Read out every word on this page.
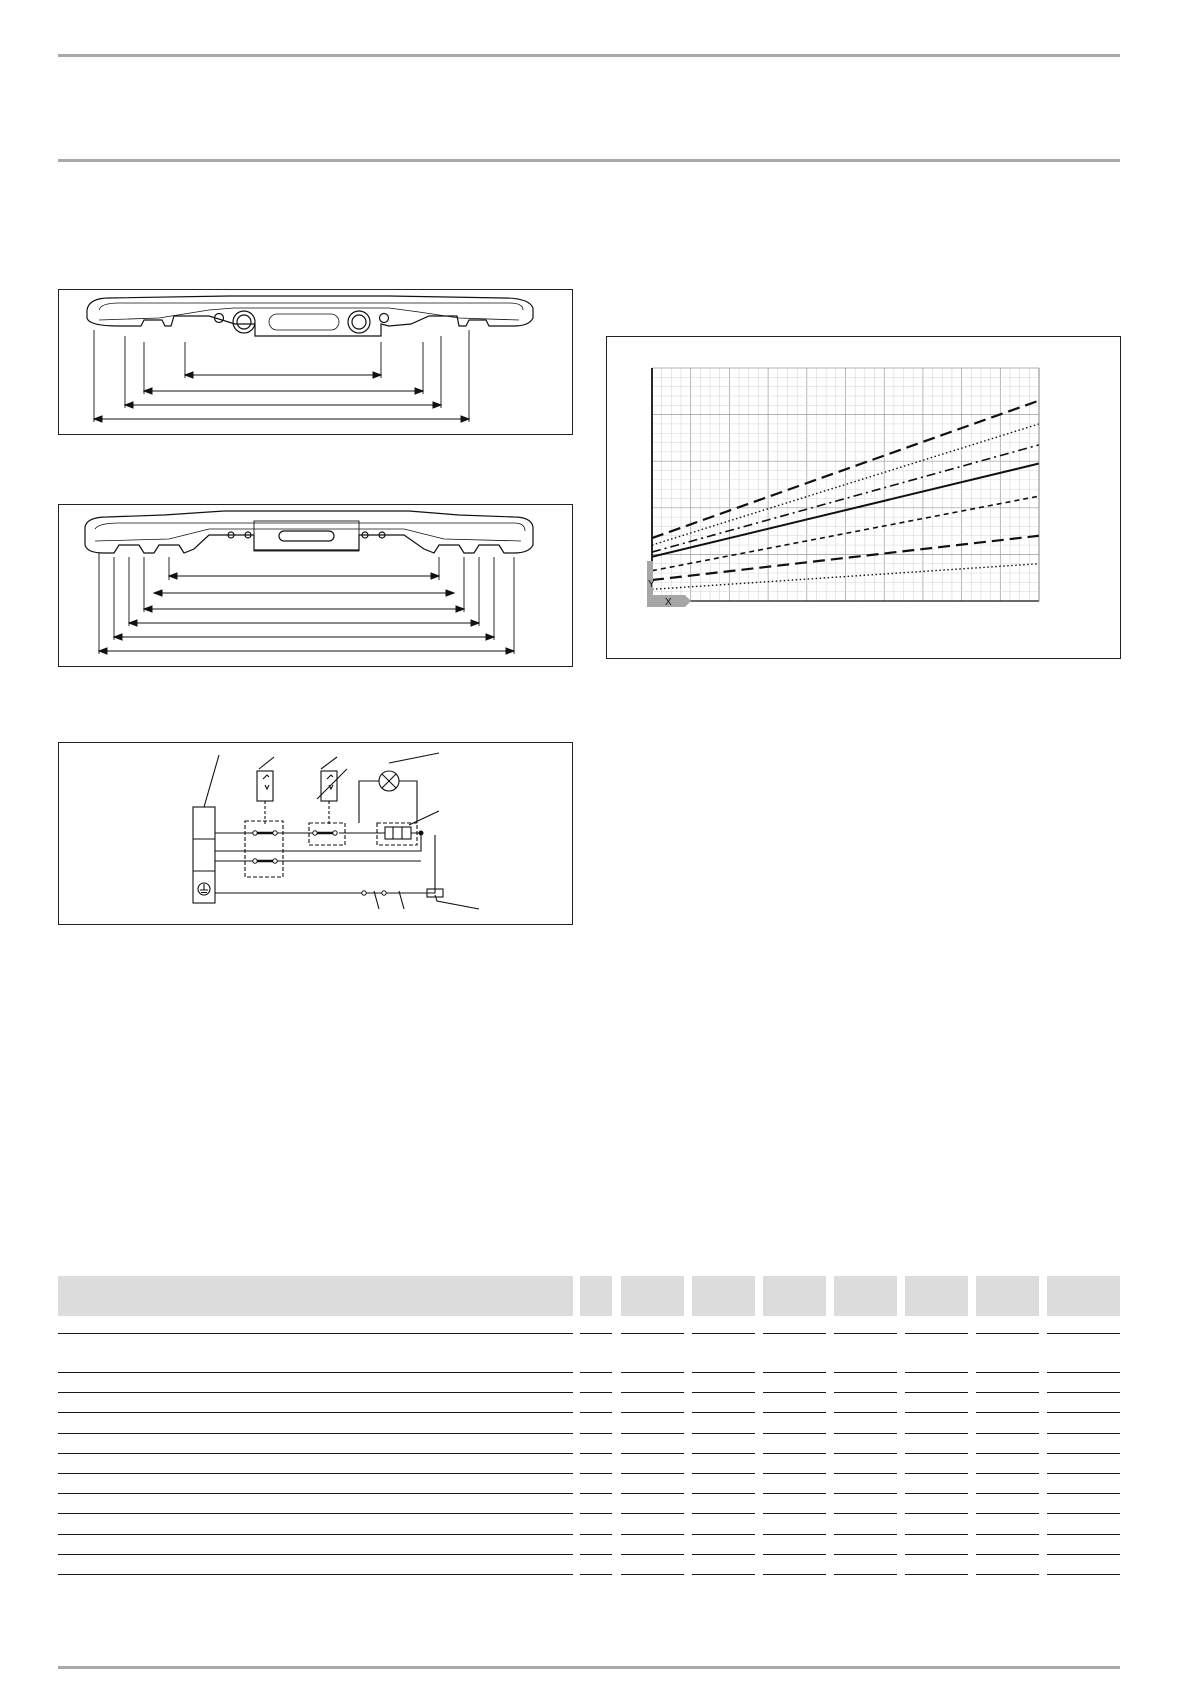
Y
X
